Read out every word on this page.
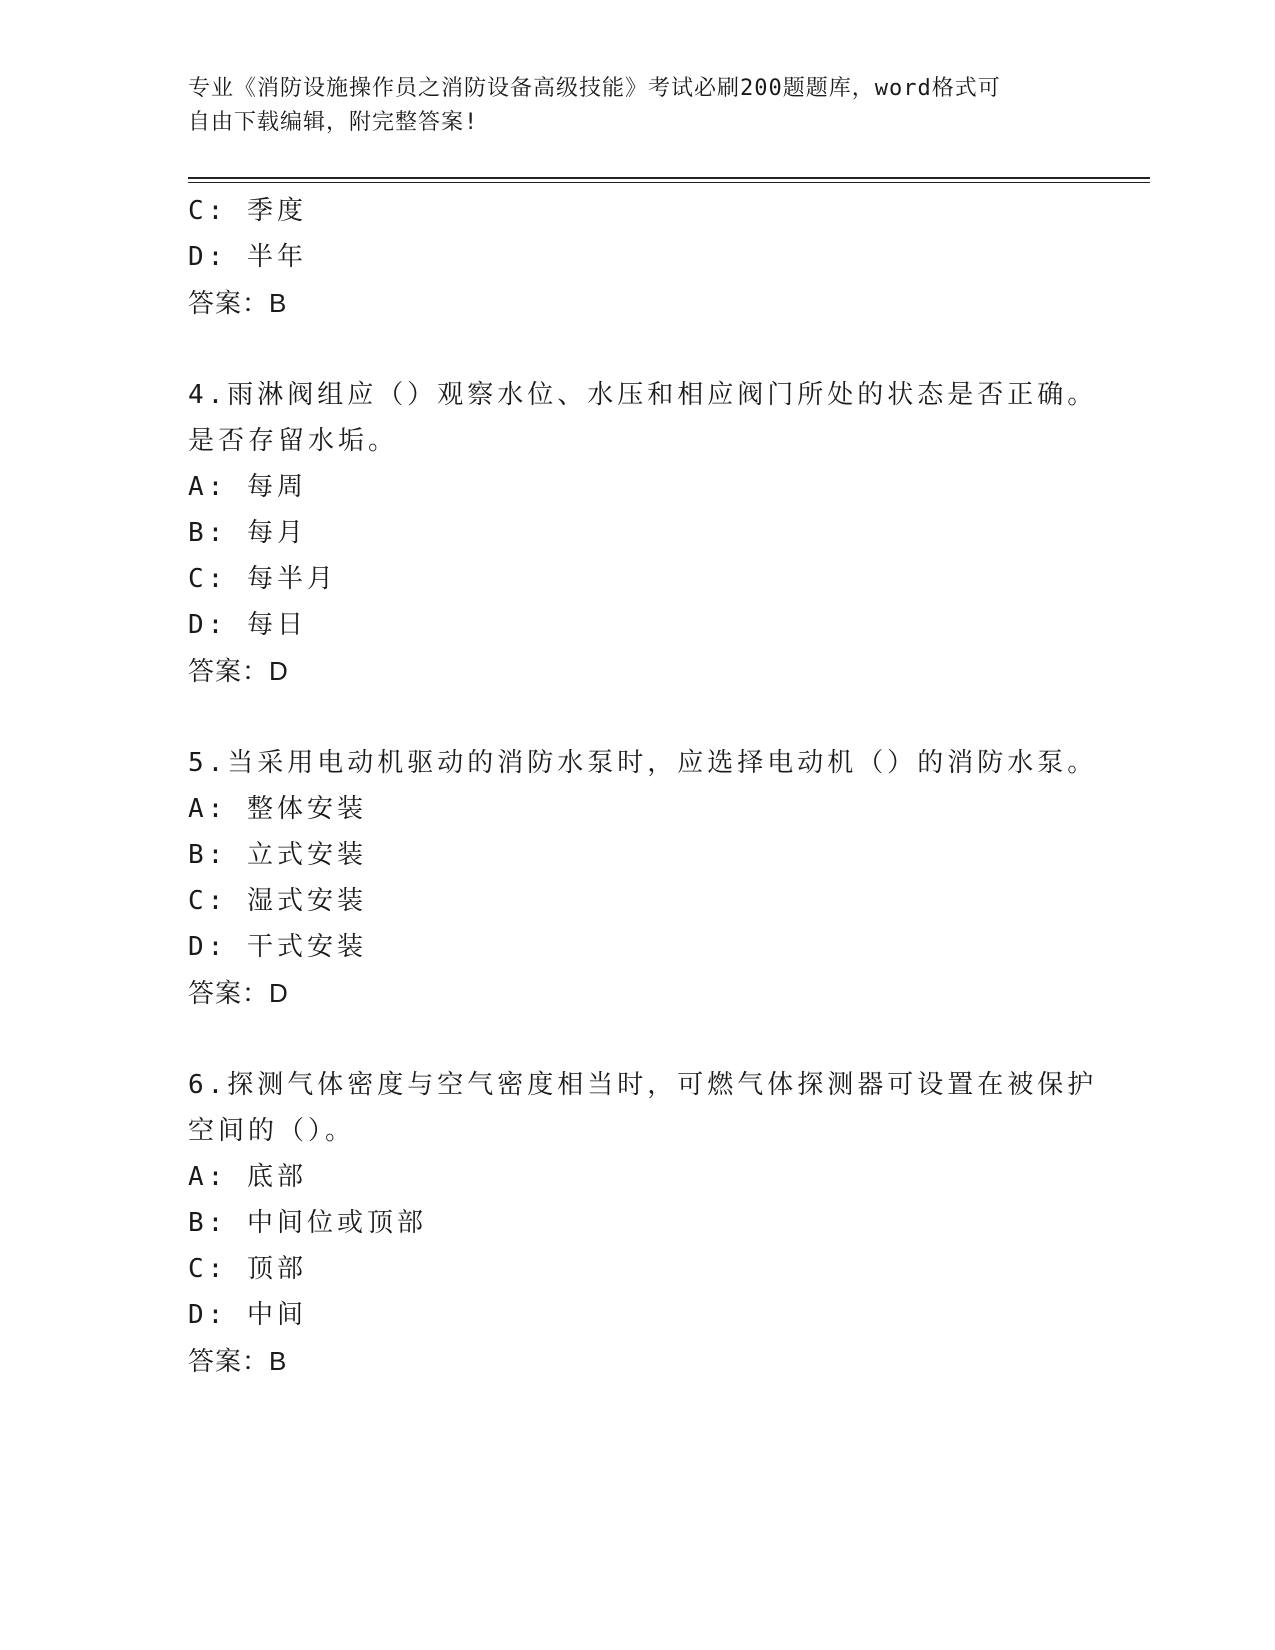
专业《消防设施操作员之消防设备高级技能》考试必刷200题题库，word格式可
自由下载编辑，附完整答案!
C: 季度
D: 半年
答案：B
4.雨淋阀组应（）观察水位、水压和相应阀门所处的状态是否正确。
是否存留水垢。
A: 每周
B: 每月
C: 每半月
D: 每日
答案：D
5.当采用电动机驱动的消防水泵时，应选择电动机（）的消防水泵。
A: 整体安装
B: 立式安装
C: 湿式安装
D: 干式安装
答案：D
6.探测气体密度与空气密度相当时，可燃气体探测器可设置在被保护
空间的（）。
A: 底部
B: 中间位或顶部
C: 顶部
D: 中间
答案：B
